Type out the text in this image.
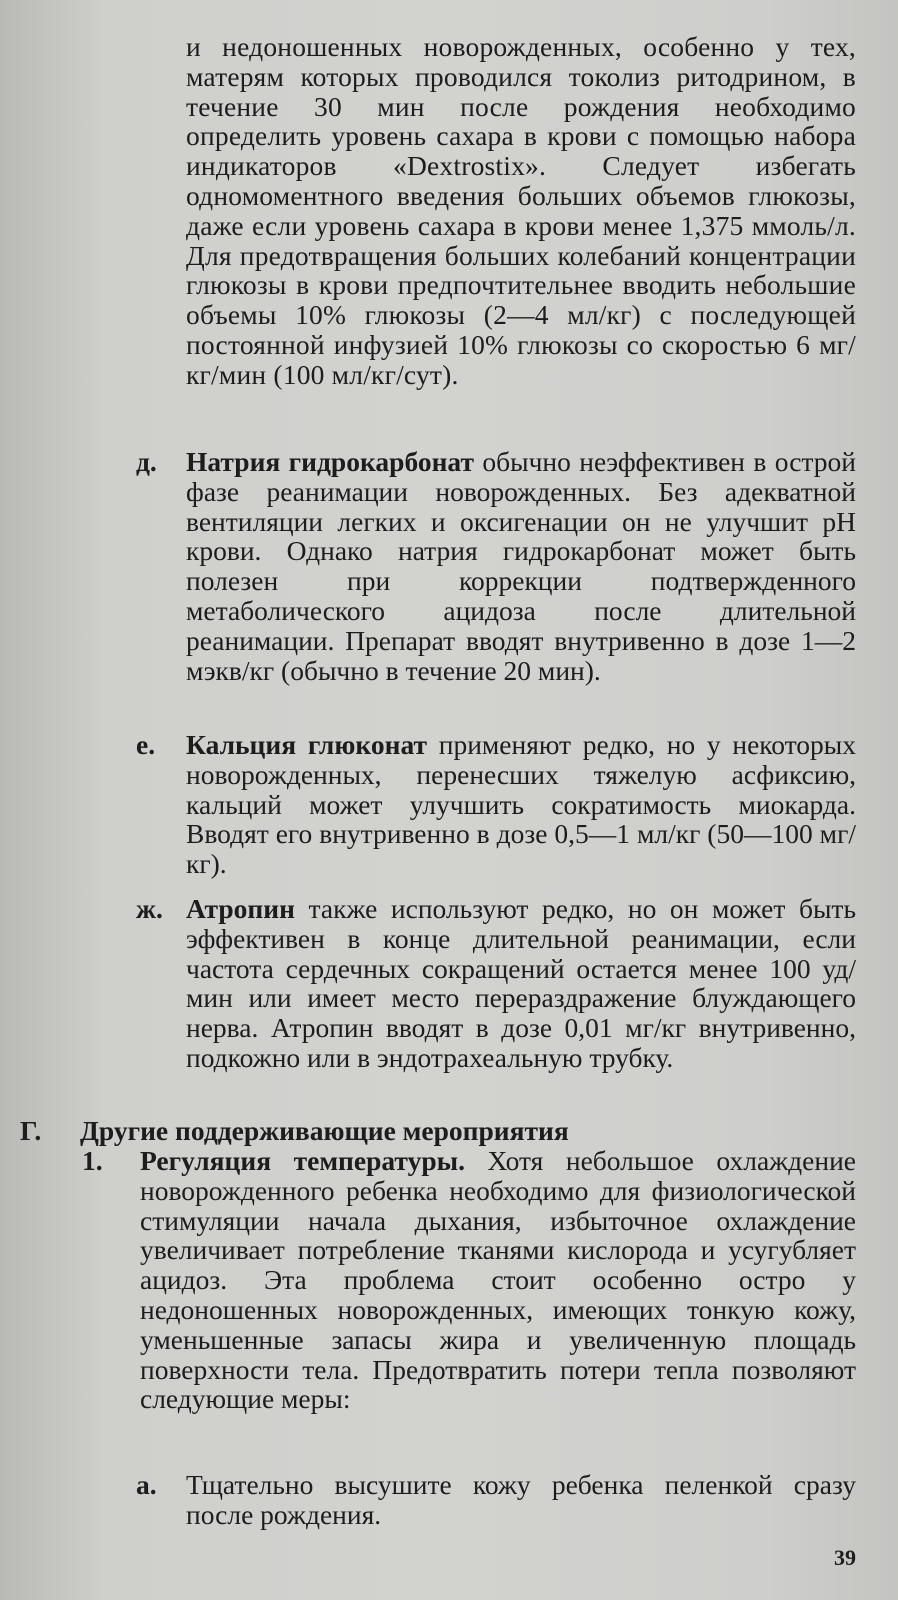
и недоношенных новорожденных, особенно у тех, матерям которых проводился токолиз ритодрином, в течение 30 мин после рождения необходимо определить уровень сахара в крови с помощью набора индикаторов «Dextrostix». Следует избегать одномоментного введения больших объемов глюкозы, даже если уровень сахара в крови менее 1,375 ммоль/л. Для предотвращения больших колебаний концентрации глюкозы в крови предпочтительнее вводить небольшие объемы 10% глюкозы (2—4 мл/кг) с последующей постоянной инфузией 10% глюкозы со скоростью 6 мг/кг/мин (100 мл/кг/сут).

д. Натрия гидрокарбонат обычно неэффективен в острой фазе реанимации новорожденных. Без адекватной вентиляции легких и оксигенации он не улучшит pH крови. Однако натрия гидрокарбонат может быть полезен при коррекции подтвержденного метаболического ацидоза после длительной реанимации. Препарат вводят внутривенно в дозе 1—2 мэкв/кг (обычно в течение 20 мин).
е. Кальция глюконат применяют редко, но у некоторых новорожденных, перенесших тяжелую асфиксию, кальций может улучшить сократимость миокарда. Вводят его внутривенно в дозе 0,5—1 мл/кг (50—100 мг/кг).
ж. Атропин также используют редко, но он может быть эффективен в конце длительной реанимации, если частота сердечных сокращений остается менее 100 уд/мин или имеет место перераздражение блуждающего нерва. Атропин вводят в дозе 0,01 мг/кг внутривенно, подкожно или в эндотрахеальную трубку.
Г. Другие поддерживающие мероприятия
1. Регуляция температуры. Хотя небольшое охлаждение новорожденного ребенка необходимо для физиологической стимуляции начала дыхания, избыточное охлаждение увеличивает потребление тканями кислорода и усугубляет ацидоз. Эта проблема стоит особенно остро у недоношенных новорожденных, имеющих тонкую кожу, уменьшенные запасы жира и увеличенную площадь поверхности тела. Предотвратить потери тепла позволяют следующие меры:
а. Тщательно высушите кожу ребенка пеленкой сразу после рождения.
39
